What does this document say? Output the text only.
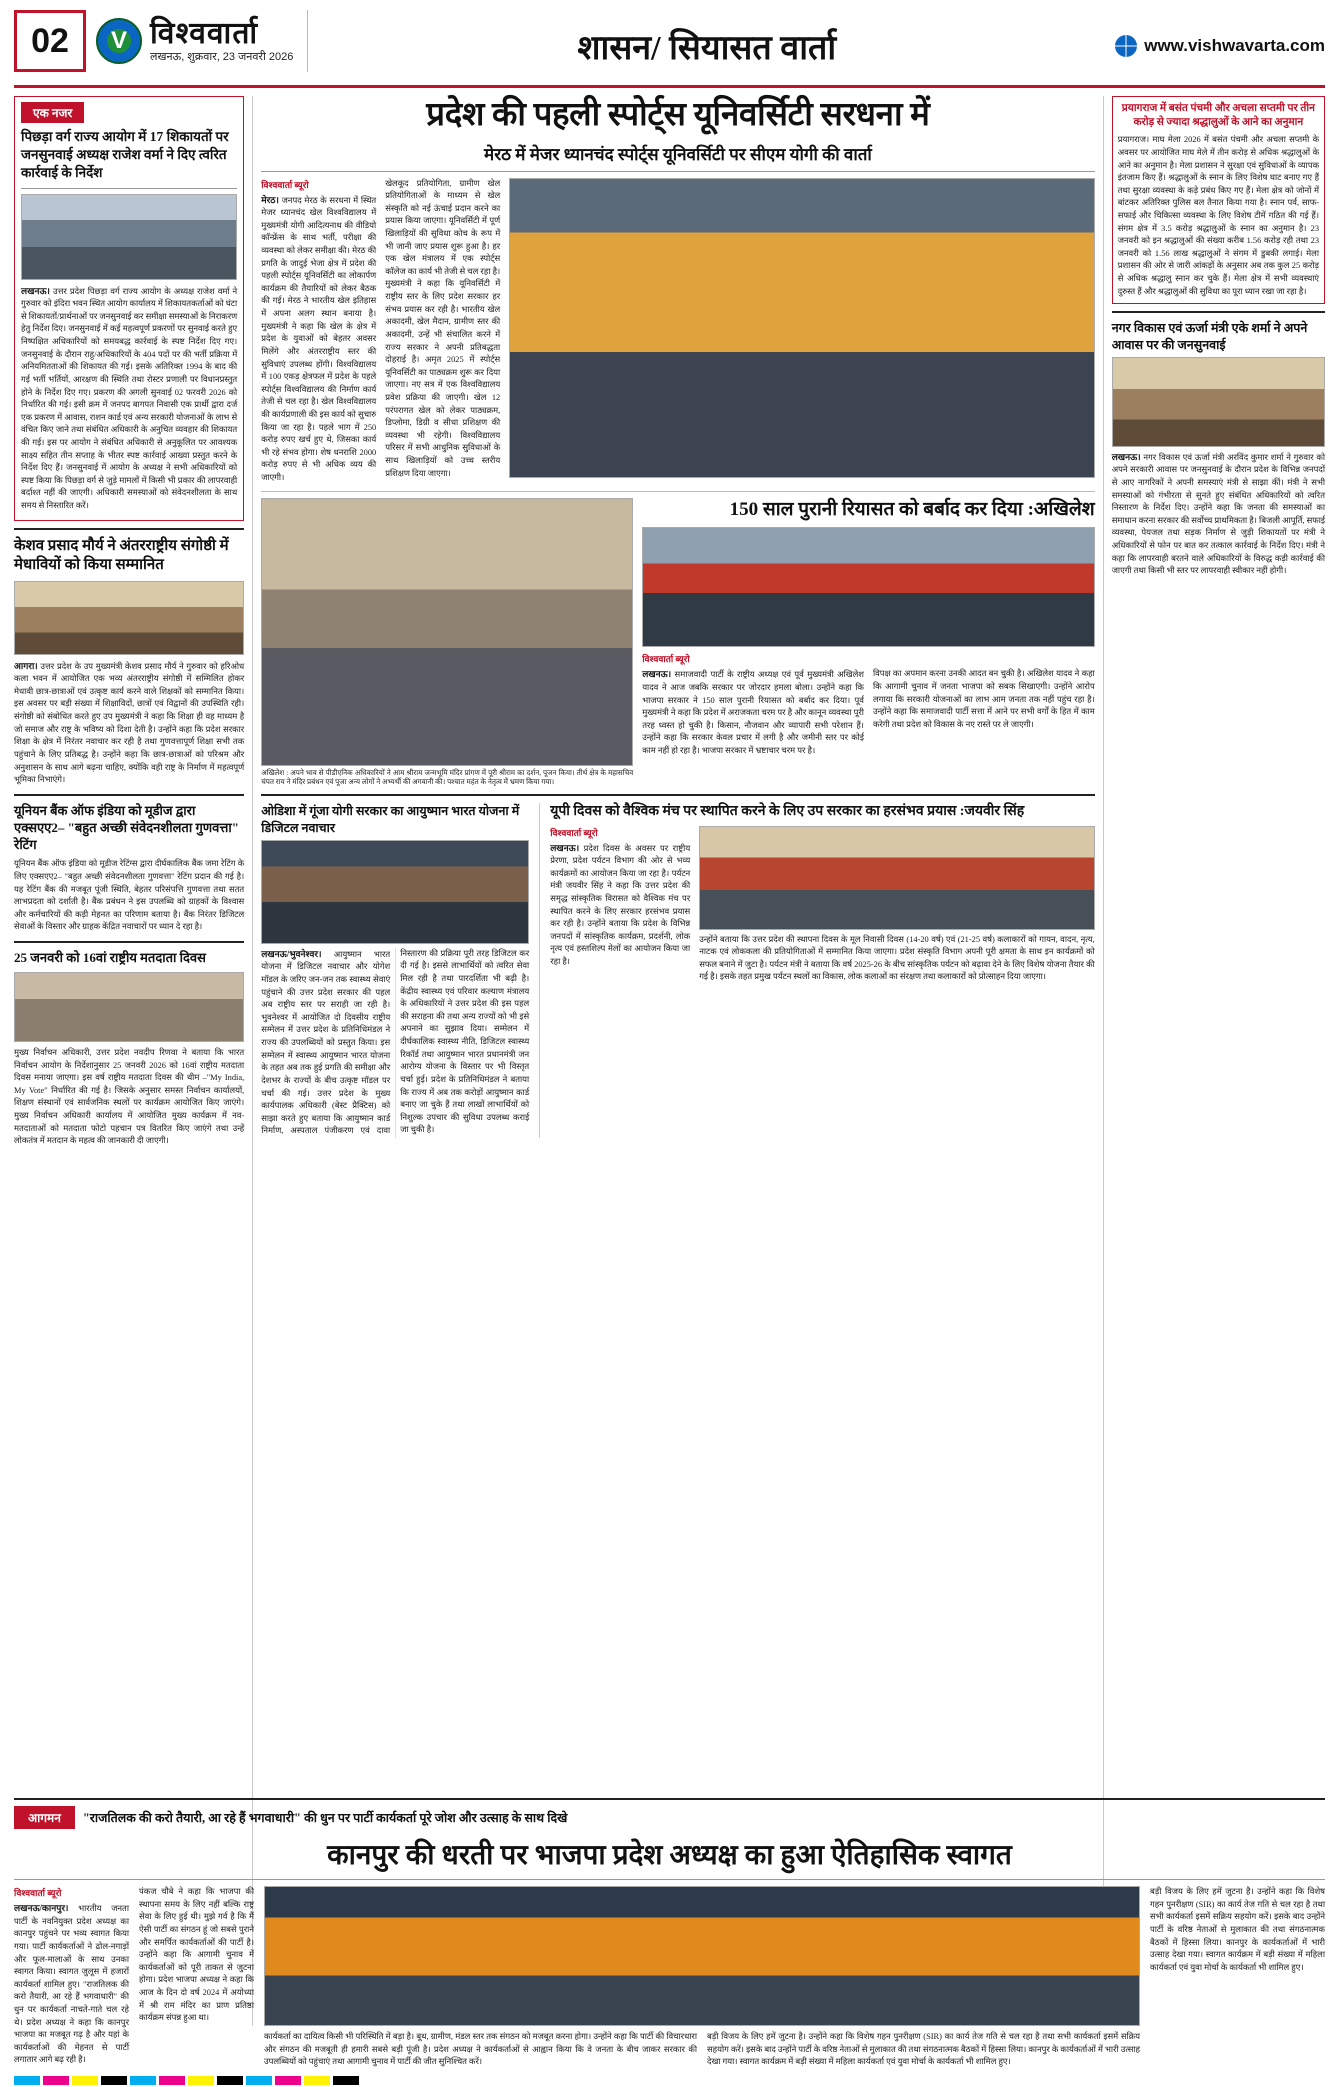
02	V विश्ववार्ता
लखनऊ, शुक्रवार, 23 जनवरी 2026	शासन/ सियासत वार्ता	www.vishwavarta.com
एक नजर
पिछड़ा वर्ग राज्य आयोग में 17 शिकायतों पर जनसुनवाई अध्यक्ष राजेश वर्मा ने दिए त्वरित कार्रवाई के निर्देश
लखनऊ। उत्तर प्रदेश पिछड़ा वर्ग राज्य आयोग के अध्यक्ष राजेश वर्मा ने गुरुवार को इंदिरा भवन स्थित आयोग कार्यालय में शिकायतकर्ताओं को घंटा से शिकायतों/प्रार्थनाओं पर जनसुनवाई कर समीक्षा समस्याओं के निराकरण हेतु निर्देश दिए। जनसुनवाई में कई महत्वपूर्ण प्रकरणों पर सुनवाई करते हुए निष्पक्षित अधिकारियों को समयबद्ध कार्रवाई के स्पष्ट निर्देश दिए गए। जनसुनवाई के दौरान राहु/अधिकारियों के 404 पदों पर की भर्ती प्रक्रिया में अनियमितताओं की शिकायत की गई। इसके अतिरिक्त 1994 के बाद की गई भर्ती भर्तियों, आरक्षण की स्थिति तथा रोस्टर प्रणाली पर विधानप्रस्तुत होने के निर्देश दिए गए। प्रकरण की अगली सुनवाई 02 फरवरी 2026 को निर्धारित की गई। इसी क्रम में जनपद बागपत निवासी एक प्रार्थी द्वारा दर्ज एक प्रकरण में आवास, राशन कार्ड एवं अन्य सरकारी योजनाओं के लाभ से वंचित किए जाने तथा संबंधित अधिकारी के अनुचित व्यवहार की शिकायत की गई। इस पर आयोग ने संबंधित अधिकारी से अनुकूलित पर आवश्यक साक्ष्य सहित तीन सप्ताह के भीतर स्पष्ट कार्रवाई आख्या प्रस्तुत करने के निर्देश दिए हैं। जनसुनवाई में आयोग के अध्यक्ष ने सभी अधिकारियों को स्पष्ट किया कि पिछड़ा वर्ग से जुड़े मामलों में किसी भी प्रकार की लापरवाही बर्दाश्त नहीं की जाएगी। अधिकारी समस्याओं को संवेदनशीलता के साथ समय से निस्तारित करें।
केशव प्रसाद मौर्य ने अंतरराष्ट्रीय संगोष्ठी में मेधावियों को किया सम्मानित
आगरा। उत्तर प्रदेश के उप मुख्यमंत्री केशव प्रसाद मौर्य ने गुरुवार को हरिओध कला भवन में आयोजित एक भव्य अंतरराष्ट्रीय संगोष्ठी में सम्मिलित होकर मेधावी छात्र-छात्राओं एवं उत्कृष्ट कार्य करने वाले शिक्षकों को सम्मानित किया। इस अवसर पर बड़ी संख्या में शिक्षाविदों, छात्रों एवं विद्वानों की उपस्थिति रही। संगोष्ठी को संबोधित करते हुए उप मुख्यमंत्री ने कहा कि शिक्षा ही वह माध्यम है जो समाज और राष्ट्र के भविष्य को दिशा देती है। उन्होंने कहा कि प्रदेश सरकार शिक्षा के क्षेत्र में निरंतर नवाचार कर रही है तथा गुणवत्तापूर्ण शिक्षा सभी तक पहुंचाने के लिए प्रतिबद्ध है। उन्होंने कहा कि छात्र-छात्राओं को परिश्रम और अनुशासन के साथ आगे बढ़ना चाहिए, क्योंकि वही राष्ट्र के निर्माण में महत्वपूर्ण भूमिका निभाएंगे।
यूनियन बैंक ऑफ इंडिया को मूडीज द्वारा एक्सएए2– "बहुत अच्छी संवेदनशीलता गुणवत्ता" रेटिंग
यूनियन बैंक ऑफ इंडिया को मूडीज रेटिंग्स द्वारा दीर्घकालिक बैंक जमा रेटिंग के लिए एक्सएए2– "बहुत अच्छी संवेदनशीलता गुणवत्ता" रेटिंग प्रदान की गई है। यह रेटिंग बैंक की मजबूत पूंजी स्थिति, बेहतर परिसंपत्ति गुणवत्ता तथा सतत लाभप्रदता को दर्शाती है। बैंक प्रबंधन ने इस उपलब्धि को ग्राहकों के विश्वास और कर्मचारियों की कड़ी मेहनत का परिणाम बताया है। बैंक निरंतर डिजिटल सेवाओं के विस्तार और ग्राहक केंद्रित नवाचारों पर ध्यान दे रहा है।
25 जनवरी को 16वां राष्ट्रीय मतदाता दिवस
मुख्य निर्वाचन अधिकारी, उत्तर प्रदेश नवदीप रिणवा ने बताया कि भारत निर्वाचन आयोग के निर्देशानुसार 25 जनवरी 2026 को 16वां राष्ट्रीय मतदाता दिवस मनाया जाएगा। इस वर्ष राष्ट्रीय मतदाता दिवस की थीम –"My India, My Vote" निर्धारित की गई है। जिसके अनुसार समस्त निर्वाचन कार्यालयों, शिक्षण संस्थानों एवं सार्वजनिक स्थलों पर कार्यक्रम आयोजित किए जाएंगे। मुख्य निर्वाचन अधिकारी कार्यालय में आयोजित मुख्य कार्यक्रम में नव-मतदाताओं को मतदाता फोटो पहचान पत्र वितरित किए जाएंगे तथा उन्हें लोकतंत्र में मतदान के महत्व की जानकारी दी जाएगी।
प्रदेश की पहली स्पोर्ट्स यूनिवर्सिटी सरधना में
मेरठ में मेजर ध्यानचंद स्पोर्ट्स यूनिवर्सिटी पर सीएम योगी की वार्ता
विश्ववार्ता ब्यूरो
मेरठ। जनपद मेरठ के सरधना में स्थित मेजर ध्यानचंद खेल विश्वविद्यालय में मुख्यमंत्री योगी आदित्यनाथ की वीडियो कॉन्फ्रेंस के साथ भर्ती, परीक्षा की व्यवस्था को लेकर समीक्षा की। मेरठ की प्रगति के जादुई भेजा क्षेत्र में प्रदेश की पहली स्पोर्ट्स यूनिवर्सिटी का लोकार्पण कार्यक्रम की तैयारियों को लेकर बैठक की गई। मेरठ ने भारतीय खेल इतिहास में अपना अलग स्थान बनाया है। मुख्यमंत्री ने कहा कि खेल के क्षेत्र में प्रदेश के युवाओं को बेहतर अवसर मिलेंगे और अंतरराष्ट्रीय स्तर की सुविधाएं उपलब्ध होंगी। विश्वविद्यालय में 100 एकड़ क्षेत्रफल में प्रदेश के पहले स्पोर्ट्स विश्वविद्यालय की निर्माण कार्य तेजी से चल रहा है। खेल विश्वविद्यालय की कार्यप्रणाली की इस कार्य को सुचारु किया जा रहा है। पहले भाग में 250 करोड़ रुपए खर्च हुए थे, जिसका कार्य भी रहे संभव होगा। शेष धनराशि 2000 करोड़ रुपए से भी अधिक व्यय की जाएगी।
खेलकूद प्रतियोगिता, ग्रामीण खेल प्रतियोगिताओं के माध्यम से खेल संस्कृति को नई ऊंचाई प्रदान करने का प्रयास किया जाएगा। यूनिवर्सिटी में पूर्ण खिलाड़ियों की सुविधा कोच के रूप में भी जानी जाए प्रयास शुरू हुआ है। हर एक खेल मंत्रालय में एक स्पोर्ट्स कॉलेज का कार्य भी तेजी से चल रहा है। मुख्यमंत्री ने कहा कि यूनिवर्सिटी में राष्ट्रीय स्तर के लिए प्रदेश सरकार हर संभव प्रयास कर रही है। भारतीय खेल अकादमी, खेल मैदान, ग्रामीण स्तर की अकादमी, उन्हें भी संचालित करने में राज्य सरकार ने अपनी प्रतिबद्धता दोहराई है। अमृत 2025 में स्पोर्ट्स यूनिवर्सिटी का पाठ्यक्रम शुरू कर दिया जाएगा। नए सत्र में एक विश्वविद्यालय प्रवेश प्रक्रिया की जाएगी। खेल 12 परंपरागत खेल को लेकर पाठ्यक्रम, डिप्लोमा, डिग्री व सीधा प्रशिक्षण की व्यवस्था भी रहेगी। विश्वविद्यालय परिसर में सभी आधुनिक सुविधाओं के साथ खिलाड़ियों को उच्च स्तरीय प्रशिक्षण दिया जाएगा।
अखिलेश : अपने भाव से पीडीएनिक अधिकारियों ने आम श्रीराम जन्मभूमि मंदिर प्रांगण में पूरी श्रीराम का दर्शन, पूजन किया। तीर्थ क्षेत्र के महासचिव चंपत राय ने मंदिर प्रबंधन एवं पूजा अन्य लोगों ने अभ्यर्थी की अगवानी की। पश्चात महंत के नेतृत्व में भ्रमण किया गया।
150 साल पुरानी रियासत को बर्बाद कर दिया :अखिलेश
विश्ववार्ता ब्यूरो
लखनऊ। समाजवादी पार्टी के राष्ट्रीय अध्यक्ष एवं पूर्व मुख्यमंत्री अखिलेश यादव ने आज जबकि सरकार पर जोरदार हमला बोला। उन्होंने कहा कि भाजपा सरकार ने 150 साल पुरानी रियासत को बर्बाद कर दिया। पूर्व मुख्यमंत्री ने कहा कि प्रदेश में अराजकता चरम पर है और कानून व्यवस्था पूरी तरह ध्वस्त हो चुकी है। किसान, नौजवान और व्यापारी सभी परेशान हैं। उन्होंने कहा कि सरकार केवल प्रचार में लगी है और जमीनी स्तर पर कोई काम नहीं हो रहा है। भाजपा सरकार में भ्रष्टाचार चरम पर है।
विपक्ष का अपमान करना उनकी आदत बन चुकी है। अखिलेश यादव ने कहा कि आगामी चुनाव में जनता भाजपा को सबक सिखाएगी। उन्होंने आरोप लगाया कि सरकारी योजनाओं का लाभ आम जनता तक नहीं पहुंच रहा है। उन्होंने कहा कि समाजवादी पार्टी सत्ता में आने पर सभी वर्गों के हित में काम करेगी तथा प्रदेश को विकास के नए रास्ते पर ले जाएगी।
ओडिशा में गूंजा योगी सरकार का आयुष्मान भारत योजना में डिजिटल नवाचार
लखनऊ/भुवनेश्वर। आयुष्मान भारत योजना में डिजिटल नवाचार और योगेश मॉडल के जरिए जन-जन तक स्वास्थ्य सेवाएं पहुंचाने की उत्तर प्रदेश सरकार की पहल अब राष्ट्रीय स्तर पर सराही जा रही है। भुवनेश्वर में आयोजित दो दिवसीय राष्ट्रीय सम्मेलन में उत्तर प्रदेश के प्रतिनिधिमंडल ने राज्य की उपलब्धियों को प्रस्तुत किया। इस सम्मेलन में स्वास्थ्य आयुष्मान भारत योजना के तहत अब तक हुई प्रगति की समीक्षा और देशभर के राज्यों के बीच उत्कृष्ट मॉडल पर चर्चा की गई। उत्तर प्रदेश के मुख्य कार्यपालक अधिकारी (बेस्ट प्रैक्टिस) को साझा करते हुए बताया कि आयुष्मान कार्ड निर्माण, अस्पताल पंजीकरण एवं दावा निस्तारण की प्रक्रिया पूरी तरह डिजिटल कर दी गई है। इससे लाभार्थियों को त्वरित सेवा मिल रही है तथा पारदर्शिता भी बढ़ी है। केंद्रीय स्वास्थ्य एवं परिवार कल्याण मंत्रालय के अधिकारियों ने उत्तर प्रदेश की इस पहल की सराहना की तथा अन्य राज्यों को भी इसे अपनाने का सुझाव दिया। सम्मेलन में दीर्घकालिक स्वास्थ्य नीति, डिजिटल स्वास्थ्य रिकॉर्ड तथा आयुष्मान भारत प्रधानमंत्री जन आरोग्य योजना के विस्तार पर भी विस्तृत चर्चा हुई। प्रदेश के प्रतिनिधिमंडल ने बताया कि राज्य में अब तक करोड़ों आयुष्मान कार्ड बनाए जा चुके हैं तथा लाखों लाभार्थियों को निशुल्क उपचार की सुविधा उपलब्ध कराई जा चुकी है।
यूपी दिवस को वैश्विक मंच पर स्थापित करने के लिए उप सरकार का हरसंभव प्रयास :जयवीर सिंह
विश्ववार्ता ब्यूरो
लखनऊ। प्रदेश दिवस के अवसर पर राष्ट्रीय प्रेरणा, प्रदेश पर्यटन विभाग की ओर से भव्य कार्यक्रमों का आयोजन किया जा रहा है। पर्यटन मंत्री जयवीर सिंह ने कहा कि उत्तर प्रदेश की समृद्ध सांस्कृतिक विरासत को वैश्विक मंच पर स्थापित करने के लिए सरकार हरसंभव प्रयास कर रही है। उन्होंने बताया कि प्रदेश के विभिन्न जनपदों में सांस्कृतिक कार्यक्रम, प्रदर्शनी, लोक नृत्य एवं हस्तशिल्प मेलों का आयोजन किया जा रहा है।
उन्होंने बताया कि उत्तर प्रदेश की स्थापना दिवस के मूल निवासी दिवस (14-20 वर्ष) एवं (21-25 वर्ष) कलाकारों को गायन, वादन, नृत्य, नाटक एवं लोककला की प्रतियोगिताओं में सम्मानित किया जाएगा। प्रदेश संस्कृति विभाग अपनी पूरी क्षमता के साथ इन कार्यक्रमों को सफल बनाने में जुटा है। पर्यटन मंत्री ने बताया कि वर्ष 2025-26 के बीच सांस्कृतिक पर्यटन को बढ़ावा देने के लिए विशेष योजना तैयार की गई है। इसके तहत प्रमुख पर्यटन स्थलों का विकास, लोक कलाओं का संरक्षण तथा कलाकारों को प्रोत्साहन दिया जाएगा।
प्रयागराज में बसंत पंचमी और अचला सप्तमी पर तीन करोड़ से ज्यादा श्रद्धालुओं के आने का अनुमान
प्रयागराज। माघ मेला 2026 में बसंत पंचमी और अचला सप्तमी के अवसर पर आयोजित माघ मेले में तीन करोड़ से अधिक श्रद्धालुओं के आने का अनुमान है। मेला प्रशासन ने सुरक्षा एवं सुविधाओं के व्यापक इंतजाम किए हैं। श्रद्धालुओं के स्नान के लिए विशेष घाट बनाए गए हैं तथा सुरक्षा व्यवस्था के कड़े प्रबंध किए गए हैं। मेला क्षेत्र को जोनों में बांटकर अतिरिक्त पुलिस बल तैनात किया गया है। स्नान पर्व, साफ-सफाई और चिकित्सा व्यवस्था के लिए विशेष टीमें गठित की गई हैं। संगम क्षेत्र में 3.5 करोड़ श्रद्धालुओं के स्नान का अनुमान है। 23 जनवरी को इन श्रद्धालुओं की संख्या करीब 1.56 करोड़ रही तथा 23 जनवरी को 1.56 लाख श्रद्धालुओं ने संगम में डुबकी लगाई। मेला प्रशासन की ओर से जारी आंकड़ों के अनुसार अब तक कुल 25 करोड़ से अधिक श्रद्धालु स्नान कर चुके हैं। मेला क्षेत्र में सभी व्यवस्थाएं दुरुस्त हैं और श्रद्धालुओं की सुविधा का पूरा ध्यान रखा जा रहा है।
नगर विकास एवं ऊर्जा मंत्री एके शर्मा ने अपने आवास पर की जनसुनवाई
लखनऊ। नगर विकास एवं ऊर्जा मंत्री अरविंद कुमार शर्मा ने गुरुवार को अपने सरकारी आवास पर जनसुनवाई के दौरान प्रदेश के विभिन्न जनपदों से आए नागरिकों ने अपनी समस्याएं मंत्री से साझा कीं। मंत्री ने सभी समस्याओं को गंभीरता से सुनते हुए संबंधित अधिकारियों को त्वरित निस्तारण के निर्देश दिए। उन्होंने कहा कि जनता की समस्याओं का समाधान करना सरकार की सर्वोच्च प्राथमिकता है। बिजली आपूर्ति, सफाई व्यवस्था, पेयजल तथा सड़क निर्माण से जुड़ी शिकायतों पर मंत्री ने अधिकारियों से फोन पर बात कर तत्काल कार्रवाई के निर्देश दिए। मंत्री ने कहा कि लापरवाही बरतने वाले अधिकारियों के विरुद्ध कड़ी कार्रवाई की जाएगी तथा किसी भी स्तर पर लापरवाही स्वीकार नहीं होगी।
आगमन	"राजतिलक की करो तैयारी, आ रहे हैं भगवाधारी" की धुन पर पार्टी कार्यकर्ता पूरे जोश और उत्साह के साथ दिखे
कानपुर की धरती पर भाजपा प्रदेश अध्यक्ष का हुआ ऐतिहासिक स्वागत
विश्ववार्ता ब्यूरो
लखनऊ/कानपुर। भारतीय जनता पार्टी के नवनियुक्त प्रदेश अध्यक्ष का कानपुर पहुंचने पर भव्य स्वागत किया गया। पार्टी कार्यकर्ताओं ने ढोल-नगाड़ों और फूल-मालाओं के साथ उनका स्वागत किया। स्वागत जुलूस में हजारों कार्यकर्ता शामिल हुए। "राजतिलक की करो तैयारी, आ रहे हैं भगवाधारी" की धुन पर कार्यकर्ता नाचते-गाते चल रहे थे। प्रदेश अध्यक्ष ने कहा कि कानपुर भाजपा का मजबूत गढ़ है और यहां के कार्यकर्ताओं की मेहनत से पार्टी लगातार आगे बढ़ रही है।
पंकज चौबे ने कहा कि भाजपा की स्थापना समय के लिए नहीं बल्कि राष्ट्र सेवा के लिए हुई थी। मुझे गर्व है कि मैं ऐसी पार्टी का संगठन हूं जो सबसे पुराने और समर्पित कार्यकर्ताओं की पार्टी है। उन्होंने कहा कि आगामी चुनाव में कार्यकर्ताओं को पूरी ताकत से जुटना होगा। प्रदेश भाजपा अध्यक्ष ने कहा कि आज के दिन दो वर्ष 2024 में अयोध्या में श्री राम मंदिर का प्राण प्रतिष्ठा कार्यक्रम संपन्न हुआ था।
कार्यकर्ता का दायित्व किसी भी परिस्थिति में बड़ा है। बूथ, ग्रामीण, मंडल स्तर तक संगठन को मजबूत करना होगा। उन्होंने कहा कि पार्टी की विचारधारा और संगठन की मजबूती ही हमारी सबसे बड़ी पूंजी है। प्रदेश अध्यक्ष ने कार्यकर्ताओं से आह्वान किया कि वे जनता के बीच जाकर सरकार की उपलब्धियों को पहुंचाएं तथा आगामी चुनाव में पार्टी की जीत सुनिश्चित करें।
बड़ी विजय के लिए हमें जुटना है। उन्होंने कहा कि विशेष गहन पुनरीक्षण (SIR) का कार्य तेज गति से चल रहा है तथा सभी कार्यकर्ता इसमें सक्रिय सहयोग करें। इसके बाद उन्होंने पार्टी के वरिष्ठ नेताओं से मुलाकात की तथा संगठनात्मक बैठकों में हिस्सा लिया। कानपुर के कार्यकर्ताओं में भारी उत्साह देखा गया। स्वागत कार्यक्रम में बड़ी संख्या में महिला कार्यकर्ता एवं युवा मोर्चा के कार्यकर्ता भी शामिल हुए।
बड़ी विजय के लिए हमें जुटना है। उन्होंने कहा कि विशेष गहन पुनरीक्षण (SIR) का कार्य तेज गति से चल रहा है तथा सभी कार्यकर्ता इसमें सक्रिय सहयोग करें। इसके बाद उन्होंने पार्टी के वरिष्ठ नेताओं से मुलाकात की तथा संगठनात्मक बैठकों में हिस्सा लिया। कानपुर के कार्यकर्ताओं में भारी उत्साह देखा गया। स्वागत कार्यक्रम में बड़ी संख्या में महिला कार्यकर्ता एवं युवा मोर्चा के कार्यकर्ता भी शामिल हुए।
